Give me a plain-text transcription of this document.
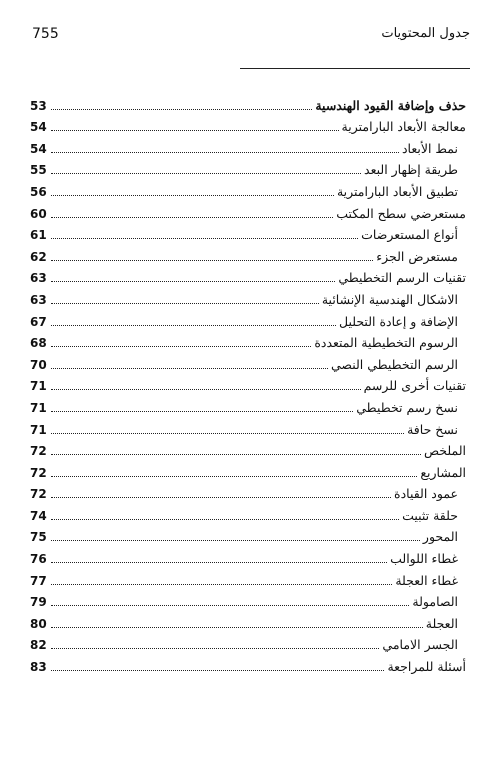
جدول المحتويات
755
حذف وإضافة القيود الهندسية
53
معالجة الأبعاد البارامترية
54
نمط الأبعاد
54
طريقة إظهار البعد
55
تطبيق الأبعاد البارامترية
56
مستعرضي سطح المكتب
60
أنواع المستعرضات
61
مستعرض الجزء
62
تقنيات الرسم التخطيطي
63
الاشكال الهندسية الإنشائية
63
الإضافة و إعادة التحليل
67
الرسوم التخطيطية المتعددة
68
الرسم التخطيطي النصي
70
تقنيات أخرى للرسم
71
نسخ رسم تخطيطي
71
نسخ حافة
71
الملخص
72
المشاريع
72
عمود القيادة
72
حلقة تثبيت
74
المحور
75
غطاء اللوالب
76
غطاء العجلة
77
الصامولة
79
العجلة
80
الجسر الامامي
82
أسئلة للمراجعة
83
